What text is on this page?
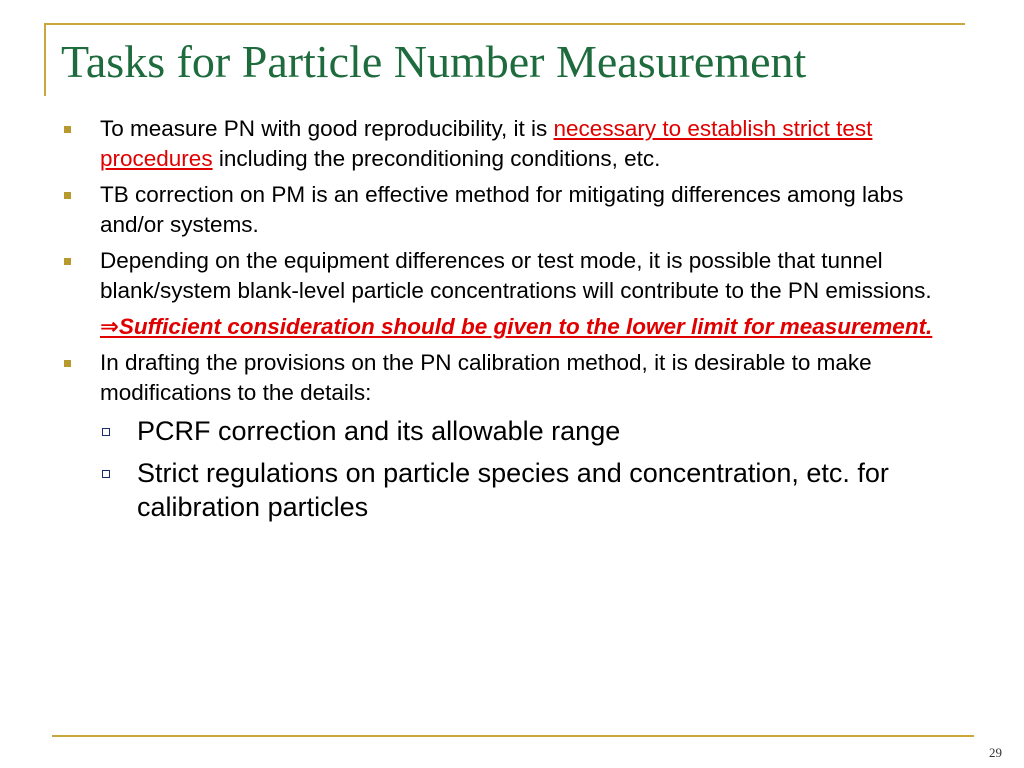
Tasks for Particle Number Measurement
To measure PN with good reproducibility, it is necessary to establish strict test procedures including the preconditioning conditions, etc.
TB correction on PM is an effective method for mitigating differences among labs and/or systems.
Depending on the equipment differences or test mode, it is possible that tunnel blank/system blank-level particle concentrations will contribute to the PN emissions.
⇒Sufficient consideration should be given to the lower limit for measurement.
In drafting the provisions on the PN calibration method, it is desirable to make modifications to the details:
PCRF correction and its allowable range
Strict regulations on particle species and concentration, etc. for calibration particles
29
